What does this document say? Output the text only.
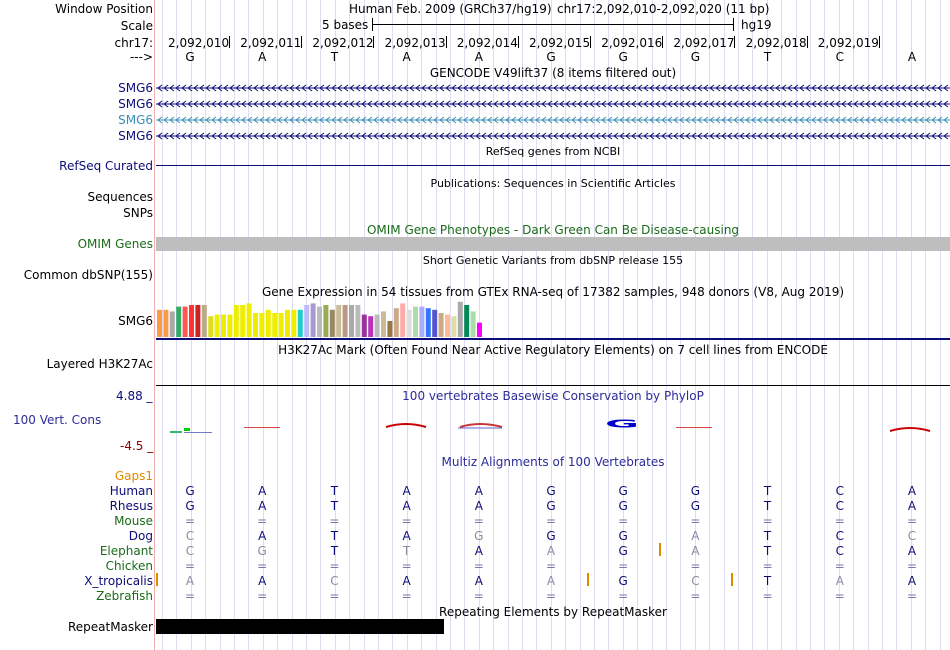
Window Position	Human Feb. 2009 (GRCh37/hg19) chr17:2,092,010-2,092,020 (11 bp)
Scale	5 bases	hg19
chr17: 2,092,010 2,092,011 2,092,012 2,092,013 2,092,014 2,092,015 2,092,016 2,092,017 2,092,018 2,092,019
--->	G	A	T	A	A	G	G	G	T	C	A
GENCODE V49lift37 (8 items filtered out)
SMG6
SMG6
SMG6
SMG6
RefSeq genes from NCBI
RefSeq Curated
Publications: Sequences in Scientific Articles
Sequences
SNPs
OMIM Gene Phenotypes - Dark Green Can Be Disease-causing
OMIM Genes
Short Genetic Variants from dbSNP release 155
Common dbSNP(155)
Gene Expression in 54 tissues from GTEx RNA-seq of 17382 samples, 948 donors (V8, Aug 2019)
SMG6
H3K27Ac Mark (Often Found Near Active Regulatory Elements) on 7 cell lines from ENCODE
Layered H3K27Ac
100 vertebrates Basewise Conservation by PhyloP
4.88 _
100 Vert. Cons
-4.5 _
G
Multiz Alignments of 100 Vertebrates
Gaps1
Human	G	A	T	A	A	G	G	G	T	C	A
Rhesus	G	A	T	A	A	G	G	G	T	C	A
Mouse	=	=	=	=	=	=	=	=	=	=	=
Dog	C	A	T	A	G	G	G	A	T	C	C
Elephant	C	G	T	T	A	A	G	A	T	C	A
Chicken	=	=	=	=	=	=	=	=	=	=	=
X_tropicalis	A	A	C	A	A	A	G	C	T	A	A
Zebrafish	=	=	=	=	=	=	=	=	=	=	=
Repeating Elements by RepeatMasker
RepeatMasker
